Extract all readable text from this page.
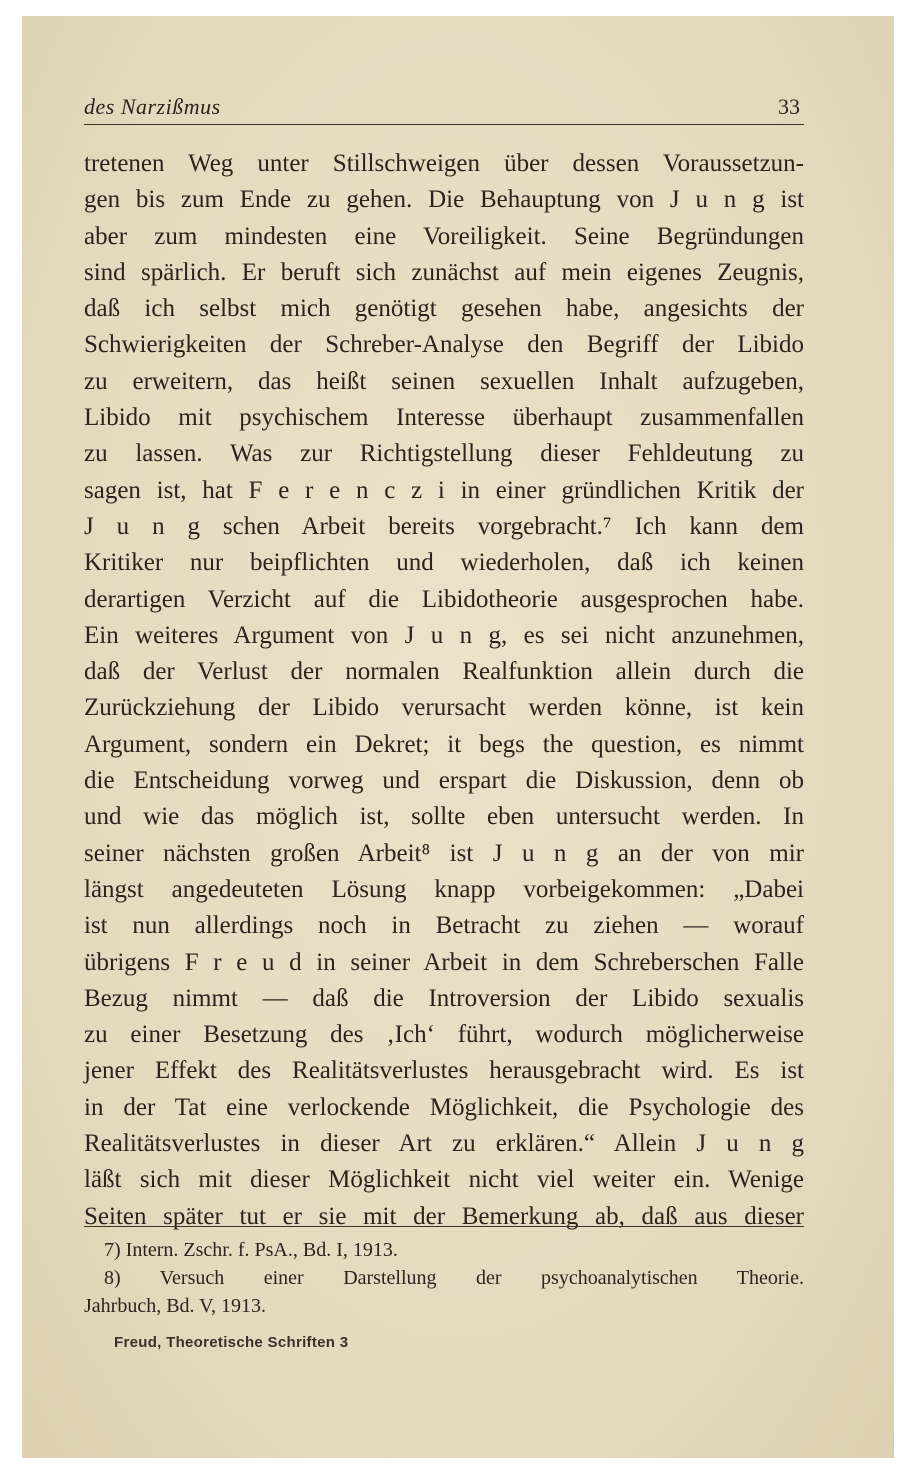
des Narzißmus	33
tretenen Weg unter Stillschweigen über dessen Voraussetzun-
gen bis zum Ende zu gehen. Die Behauptung von J u n g ist
aber zum mindesten eine Voreiligkeit. Seine Begründungen
sind spärlich. Er beruft sich zunächst auf mein eigenes Zeugnis,
daß ich selbst mich genötigt gesehen habe, angesichts der
Schwierigkeiten der Schreber-Analyse den Begriff der Libido
zu erweitern, das heißt seinen sexuellen Inhalt aufzugeben,
Libido mit psychischem Interesse überhaupt zusammenfallen
zu lassen. Was zur Richtigstellung dieser Fehldeutung zu
sagen ist, hat F e r e n c z i in einer gründlichen Kritik der
J u n g schen Arbeit bereits vorgebracht.⁷ Ich kann dem
Kritiker nur beipflichten und wiederholen, daß ich keinen
derartigen Verzicht auf die Libidotheorie ausgesprochen habe.
Ein weiteres Argument von J u n g, es sei nicht anzunehmen,
daß der Verlust der normalen Realfunktion allein durch die
Zurückziehung der Libido verursacht werden könne, ist kein
Argument, sondern ein Dekret; it begs the question, es nimmt
die Entscheidung vorweg und erspart die Diskussion, denn ob
und wie das möglich ist, sollte eben untersucht werden. In
seiner nächsten großen Arbeit⁸ ist J u n g an der von mir
längst angedeuteten Lösung knapp vorbeigekommen: „Dabei
ist nun allerdings noch in Betracht zu ziehen — worauf
übrigens F r e u d in seiner Arbeit in dem Schreberschen Falle
Bezug nimmt — daß die Introversion der Libido sexualis
zu einer Besetzung des ‚Ich‘ führt, wodurch möglicherweise
jener Effekt des Realitätsverlustes herausgebracht wird. Es ist
in der Tat eine verlockende Möglichkeit, die Psychologie des
Realitätsverlustes in dieser Art zu erklären.“ Allein J u n g
läßt sich mit dieser Möglichkeit nicht viel weiter ein. Wenige
Seiten später tut er sie mit der Bemerkung ab, daß aus dieser
7) Intern. Zschr. f. PsA., Bd. I, 1913.
8) Versuch einer Darstellung der psychoanalytischen Theorie.
Jahrbuch, Bd. V, 1913.
Freud, Theoretische Schriften 3
